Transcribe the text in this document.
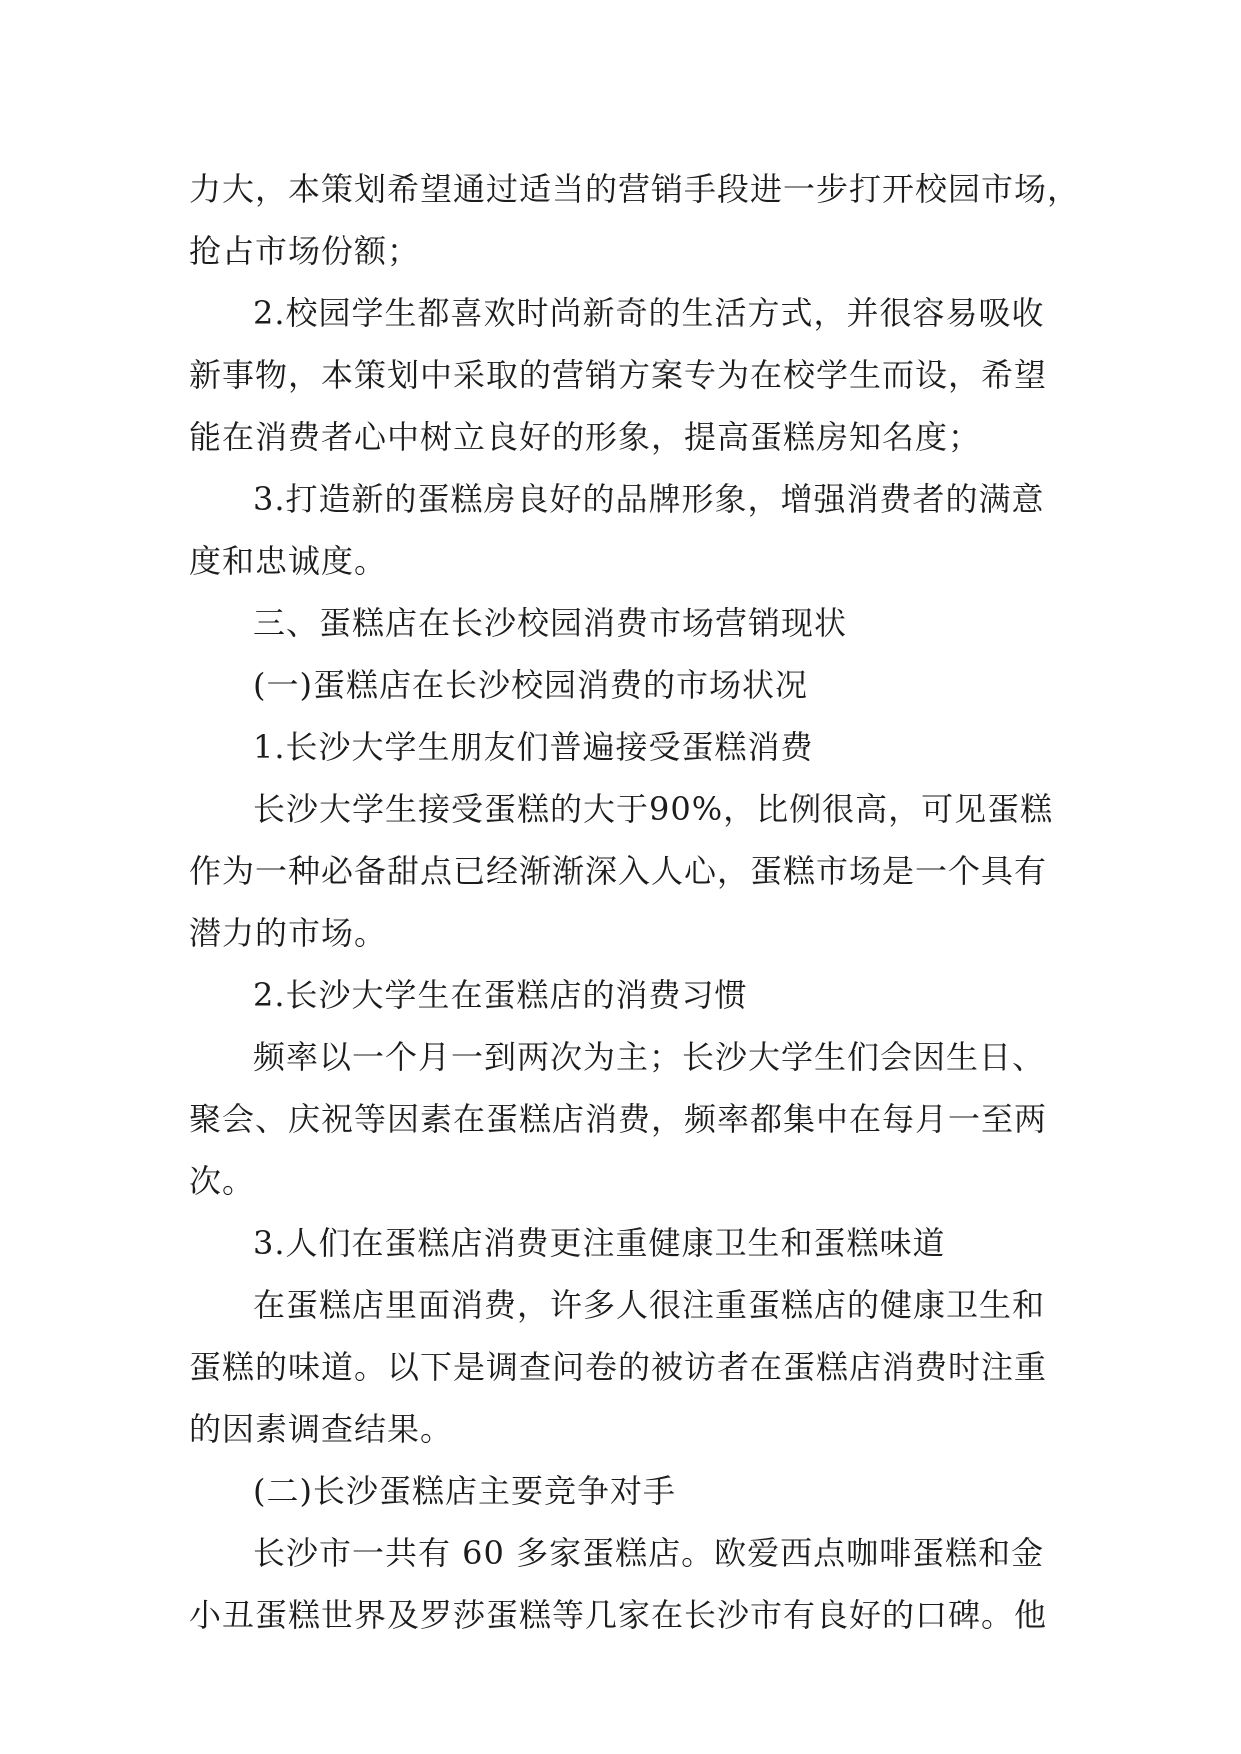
力大，本策划希望通过适当的营销手段进一步打开校园市场，
抢占市场份额；
2.校园学生都喜欢时尚新奇的生活方式，并很容易吸收
新事物，本策划中采取的营销方案专为在校学生而设，希望
能在消费者心中树立良好的形象，提高蛋糕房知名度；
3.打造新的蛋糕房良好的品牌形象，增强消费者的满意
度和忠诚度。
三、蛋糕店在长沙校园消费市场营销现状
(一)蛋糕店在长沙校园消费的市场状况
1.长沙大学生朋友们普遍接受蛋糕消费
长沙大学生接受蛋糕的大于90%，比例很高，可见蛋糕
作为一种必备甜点已经渐渐深入人心，蛋糕市场是一个具有
潜力的市场。
2.长沙大学生在蛋糕店的消费习惯
频率以一个月一到两次为主；长沙大学生们会因生日、
聚会、庆祝等因素在蛋糕店消费，频率都集中在每月一至两
次。
3.人们在蛋糕店消费更注重健康卫生和蛋糕味道
在蛋糕店里面消费，许多人很注重蛋糕店的健康卫生和
蛋糕的味道。以下是调查问卷的被访者在蛋糕店消费时注重
的因素调查结果。
(二)长沙蛋糕店主要竞争对手
长沙市一共有 60 多家蛋糕店。欧爱西点咖啡蛋糕和金
小丑蛋糕世界及罗莎蛋糕等几家在长沙市有良好的口碑。他
